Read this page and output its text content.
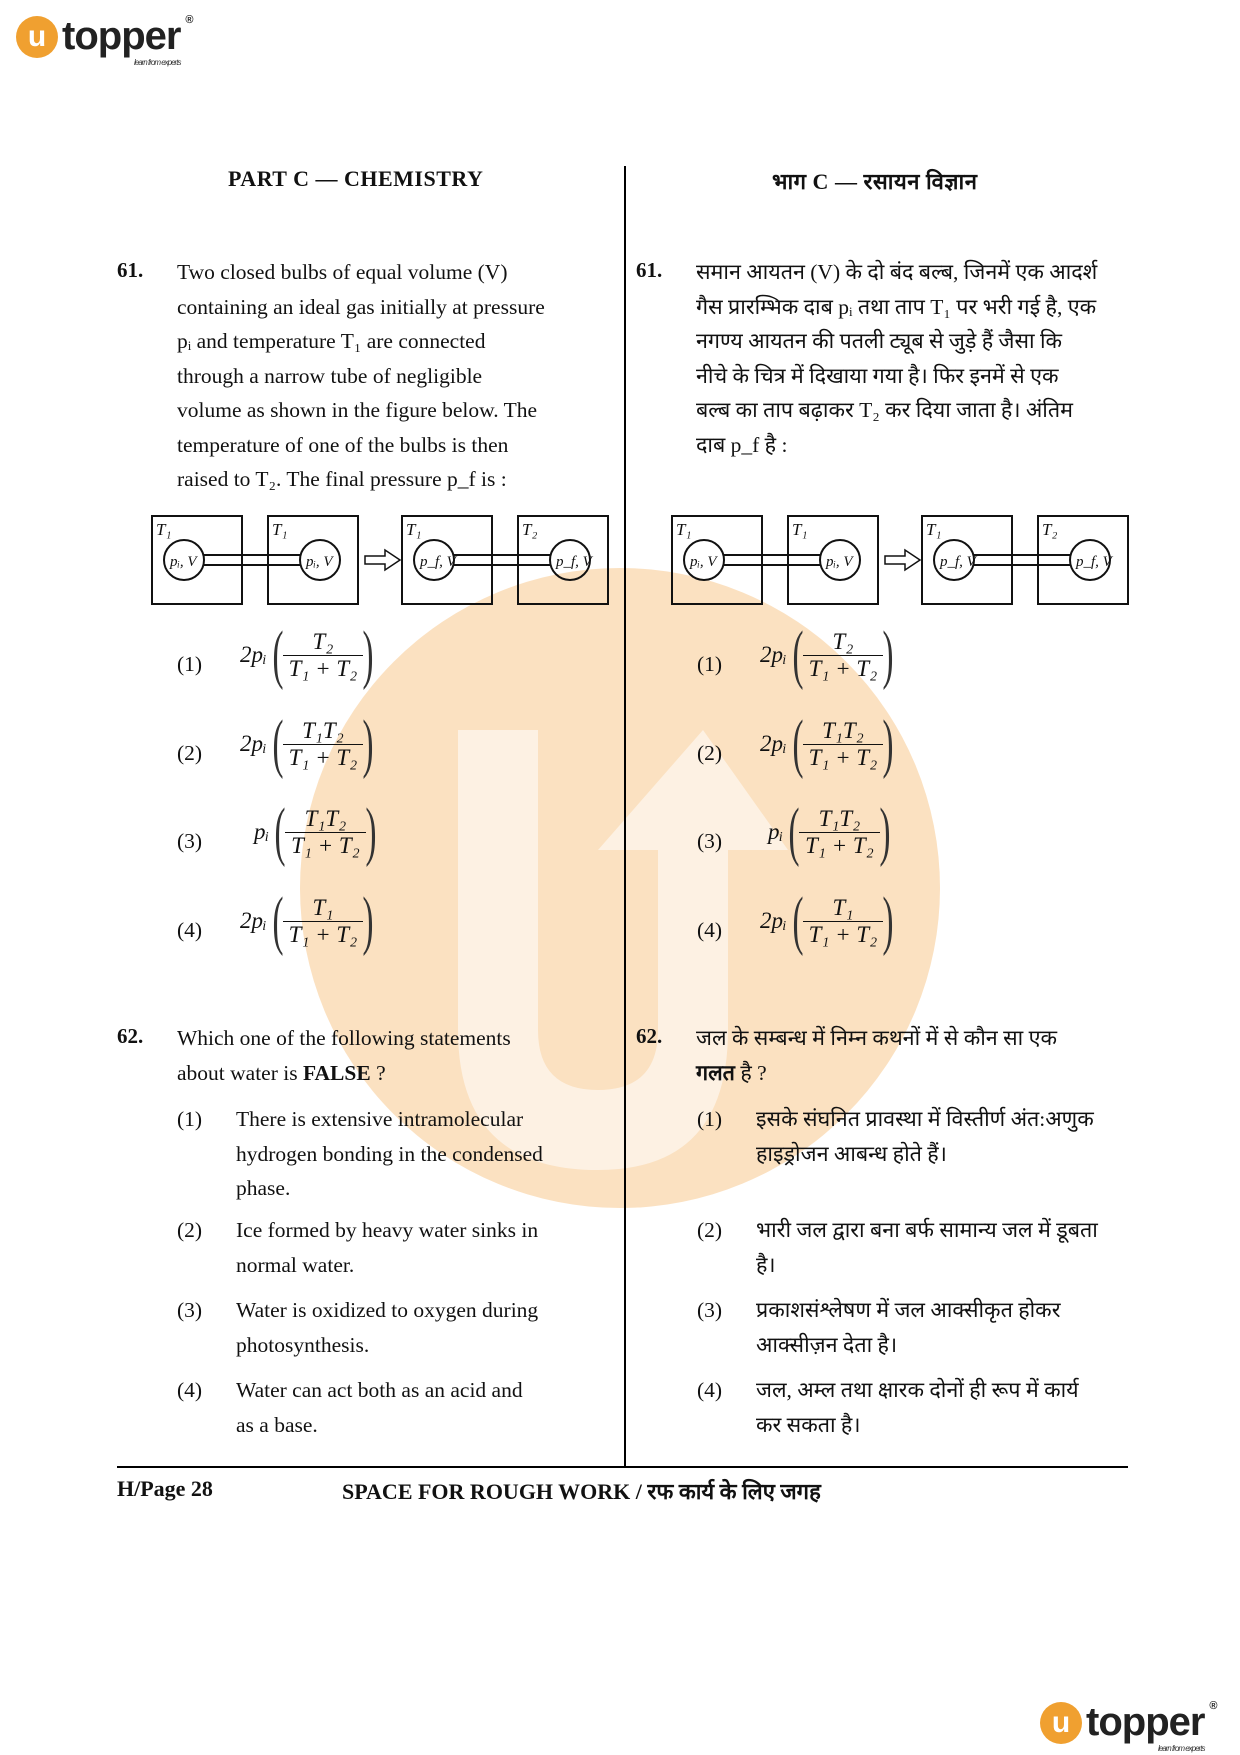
u topper ®
learn from experts
PART C — CHEMISTRY	भाग C — रसायन विज्ञान
61. Two closed bulbs of equal volume (V)
containing an ideal gas initially at pressure
pᵢ and temperature T₁ are connected
through a narrow tube of negligible
volume as shown in the figure below. The
temperature of one of the bulbs is then
raised to T₂. The final pressure p_f is :
61. समान आयतन (V) के दो बंद बल्ब, जिनमें एक आदर्श
गैस प्रारम्भिक दाब pᵢ तथा ताप T₁ पर भरी गई है, एक
नगण्य आयतन की पतली ट्यूब से जुड़े हैं जैसा कि
नीचे के चित्र में दिखाया गया है। फिर इनमें से एक
बल्ब का ताप बढ़ाकर T₂ कर दिया जाता है। अंतिम
दाब p_f है :
T₁	T₁
pᵢ, V	pᵢ, V
T₁	T₂
p_f, V	p_f, V
T₁	T₁
pᵢ, V	pᵢ, V
T₁	T₂
p_f, V	p_f, V
(1) 2pᵢ ( $\frac{\text{T₂}}{\text{T₁ + T₂}}$ )
(2) 2pᵢ ( $\frac{\text{T₁T₂}}{\text{T₁ + T₂}}$ )
(3) pᵢ ( $\frac{\text{T₁T₂}}{\text{T₁ + T₂}}$ )
(4) 2pᵢ ( $\frac{\text{T₁}}{\text{T₁ + T₂}}$ )
(1) 2pᵢ ( $\frac{\text{T₂}}{\text{T₁ + T₂}}$ )
(2) 2pᵢ ( $\frac{\text{T₁T₂}}{\text{T₁ + T₂}}$ )
(3) pᵢ ( $\frac{\text{T₁T₂}}{\text{T₁ + T₂}}$ )
(4) 2pᵢ ( $\frac{\text{T₁}}{\text{T₁ + T₂}}$ )
62. Which one of the following statements
about water is FALSE ?
(1) There is extensive intramolecular
hydrogen bonding in the condensed
phase.
(2) Ice formed by heavy water sinks in
normal water.
(3) Water is oxidized to oxygen during
photosynthesis.
(4) Water can act both as an acid and
as a base.
62. जल के सम्बन्ध में निम्न कथनों में से कौन सा एक
गलत है ?
(1) इसके संघनित प्रावस्था में विस्तीर्ण अंत:अणुक
हाइड्रोजन आबन्ध होते हैं।
(2) भारी जल द्वारा बना बर्फ सामान्य जल में डूबता
है।
(3) प्रकाशसंश्लेषण में जल आक्सीकृत होकर
आक्सीज़न देता है।
(4) जल, अम्ल तथा क्षारक दोनों ही रूप में कार्य
कर सकता है।
H/Page 28	SPACE FOR ROUGH WORK / रफ कार्य के लिए जगह
u topper ®
learn from experts
